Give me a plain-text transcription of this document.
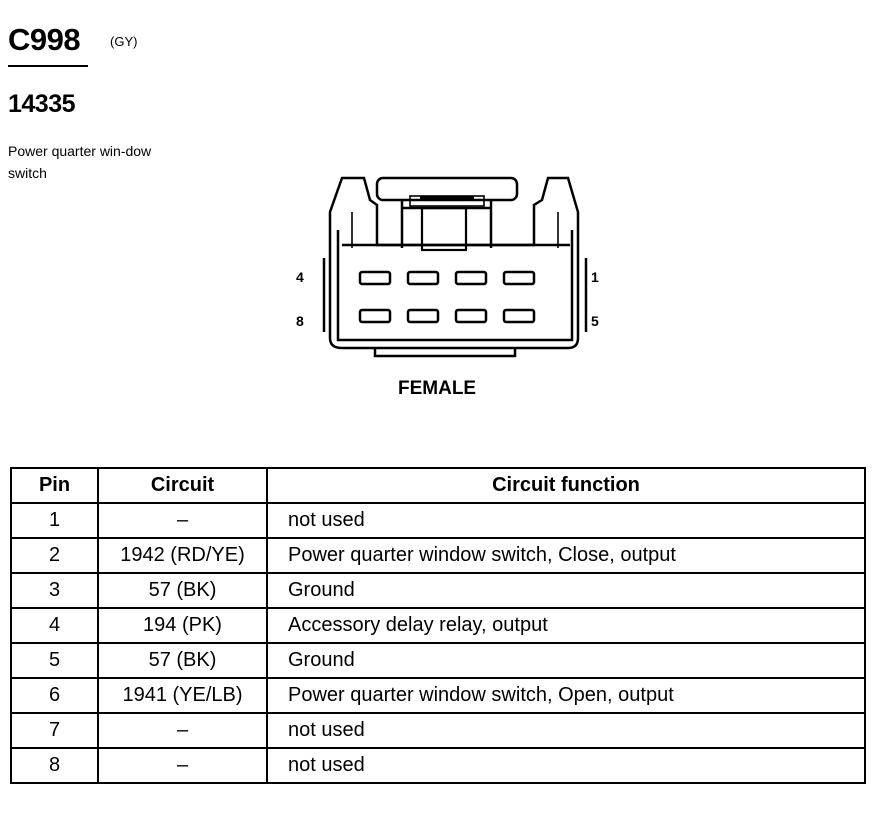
C998 (GY)
14335
Power quarter win-dow switch
4
8
1
5
FEMALE
Pin	Circuit	Circuit function
1	–	not used
2	1942 (RD/YE)	Power quarter window switch, Close, output
3	57 (BK)	Ground
4	194 (PK)	Accessory delay relay, output
5	57 (BK)	Ground
6	1941 (YE/LB)	Power quarter window switch, Open, output
7	–	not used
8	–	not used
